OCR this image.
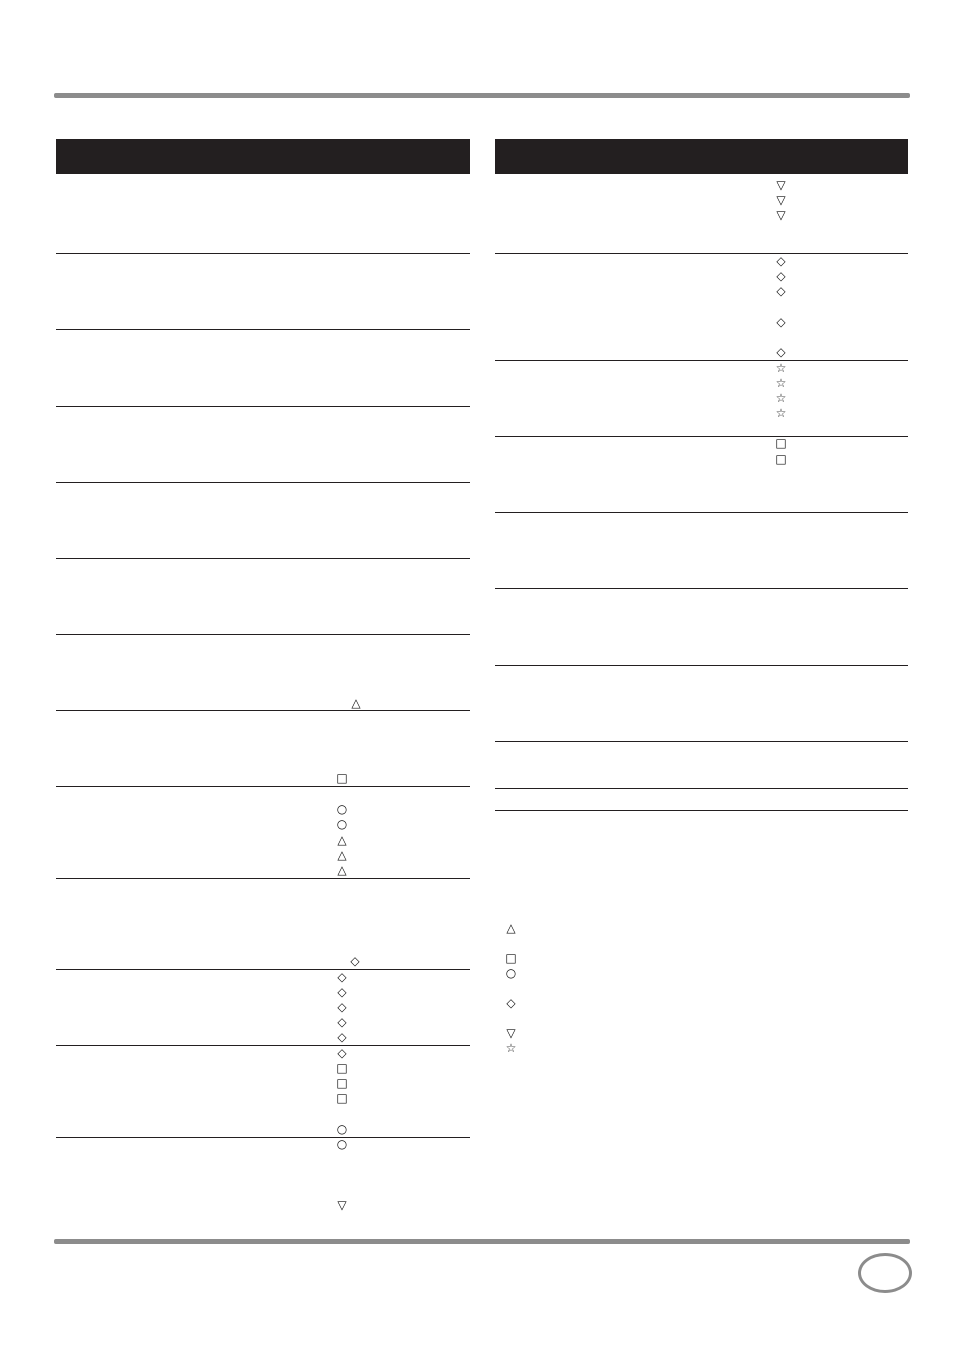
△
□
○
○
△
△
△
◇
◇
◇
◇
◇
◇
◇
□
□
□
○
○
▽
▽
▽
▽
◇
◇
◇
◇
◇
☆
☆
☆
☆
□
□
△
□
○
◇
▽
☆
